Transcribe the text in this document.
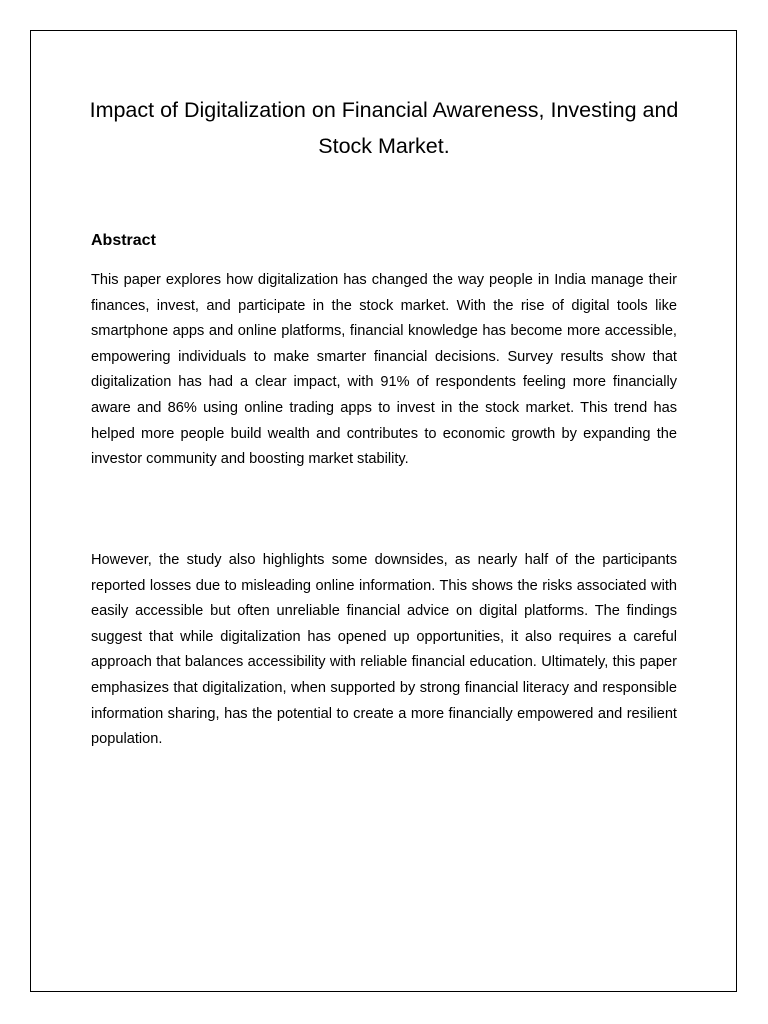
Impact of Digitalization on Financial Awareness, Investing and Stock Market.
Abstract

This paper explores how digitalization has changed the way people in India manage their finances, invest, and participate in the stock market. With the rise of digital tools like smartphone apps and online platforms, financial knowledge has become more accessible, empowering individuals to make smarter financial decisions. Survey results show that digitalization has had a clear impact, with 91% of respondents feeling more financially aware and 86% using online trading apps to invest in the stock market. This trend has helped more people build wealth and contributes to economic growth by expanding the investor community and boosting market stability.

However, the study also highlights some downsides, as nearly half of the participants reported losses due to misleading online information. This shows the risks associated with easily accessible but often unreliable financial advice on digital platforms. The findings suggest that while digitalization has opened up opportunities, it also requires a careful approach that balances accessibility with reliable financial education. Ultimately, this paper emphasizes that digitalization, when supported by strong financial literacy and responsible information sharing, has the potential to create a more financially empowered and resilient population.
